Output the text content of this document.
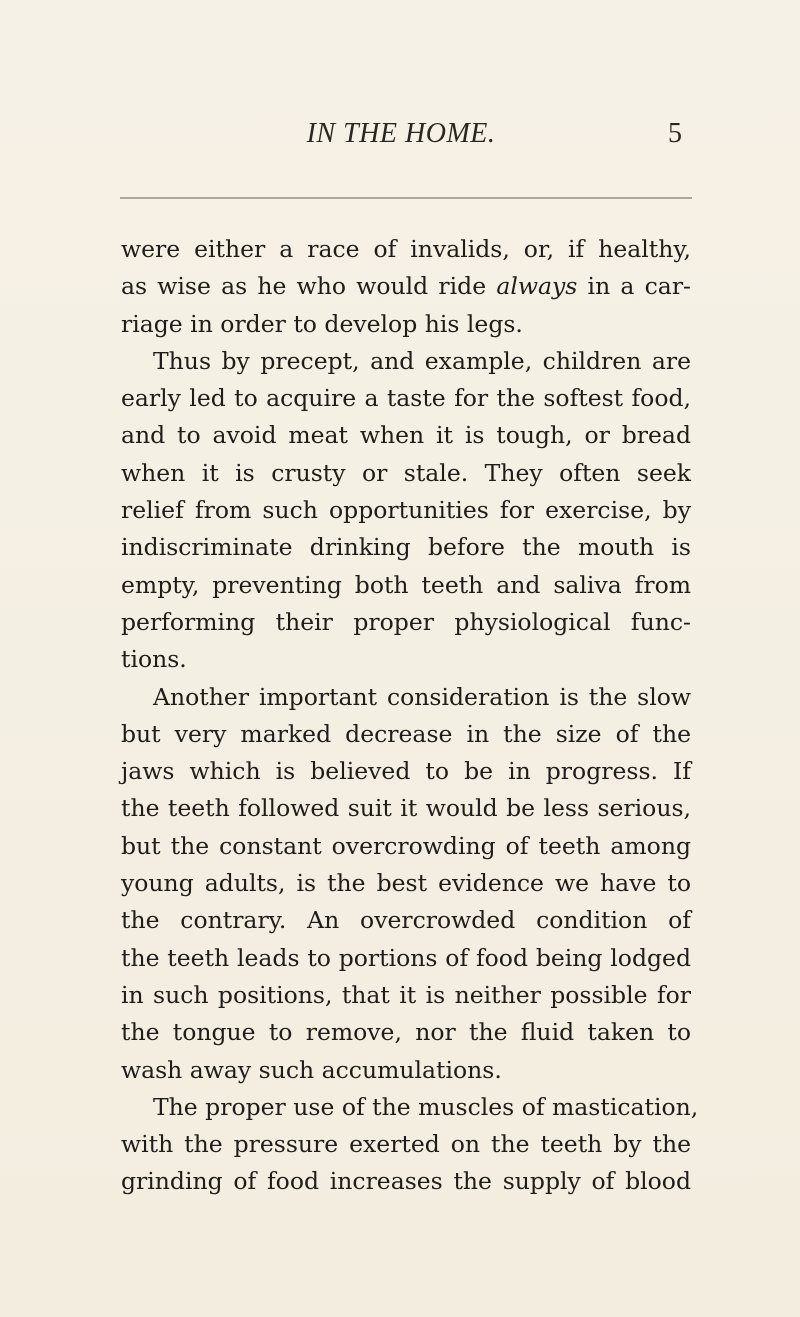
IN THE HOME.	5
were either a race of invalids, or, if healthy,
as wise as he who would ride always in a car-
riage in order to develop his legs.
Thus by precept, and example, children are
early led to acquire a taste for the softest food,
and to avoid meat when it is tough, or bread
when it is crusty or stale. They often seek
relief from such opportunities for exercise, by
indiscriminate drinking before the mouth is
empty, preventing both teeth and saliva from
performing their proper physiological func-
tions.
Another important consideration is the slow
but very marked decrease in the size of the
jaws which is believed to be in progress. If
the teeth followed suit it would be less serious,
but the constant overcrowding of teeth among
young adults, is the best evidence we have to
the contrary. An overcrowded condition of
the teeth leads to portions of food being lodged
in such positions, that it is neither possible for
the tongue to remove, nor the fluid taken to
wash away such accumulations.
The proper use of the muscles of mastication,
with the pressure exerted on the teeth by the
grinding of food increases the supply of blood
